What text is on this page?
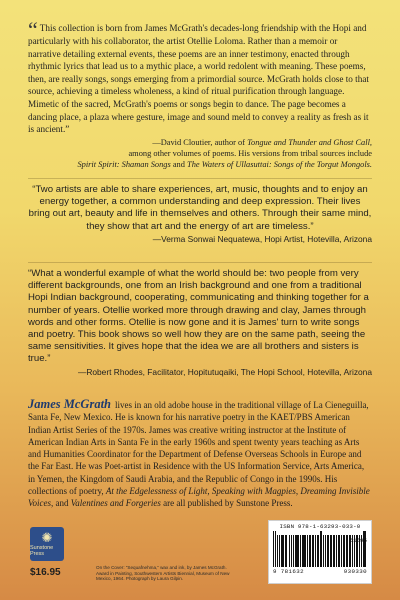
“ This collection is born from James McGrath's decades-long friendship with the Hopi and particularly with his collaborator, the artist Otellie Loloma. Rather than a memoir or narrative detailing external events, these poems are an inner testimony, enacted through rhythmic lyrics that lead us to a mythic place, a world redolent with meaning. These poems, then, are really songs, songs emerging from a primordial source. McGrath holds close to that source, achieving a timeless wholeness, a kind of ritual purification through language. Mimetic of the sacred, McGrath's poems or songs begin to dance. The page becomes a dancing place, a plaza where gesture, image and sound meld to convey a reality as fresh as it is ancient.”

—David Cloutier, author of Tongue and Thunder and Ghost Call,
among other volumes of poems. His versions from tribal sources include
Spirit Spirit: Shaman Songs and The Waters of Ullasuttai: Songs of the Torgut Mongols.
“Two artists are able to share experiences, art, music, thoughts and to enjoy an energy together, a common understanding and deep expression. Their lives bring out art, beauty and life in themselves and others. Through their same mind, they show that art and the energy of art are timeless.”
—Verma Sonwai Nequatewa, Hopi Artist, Hotevilla, Arizona
“What a wonderful example of what the world should be: two people from very different backgrounds, one from an Irish background and one from a traditional Hopi Indian background, cooperating, communicating and thinking together for a number of years. Otellie worked more through drawing and clay, James through words and other forms. Otellie is now gone and it is James' turn to write songs and poetry. This book shows so well how they are on the same path, seeing the same sensitivities. It gives hope that the idea we are all brothers and sisters is true.”
—Robert Rhodes, Facilitator, Hopitutuqaiki, The Hopi School, Hotevilla, Arizona
James McGrath lives in an old adobe house in the traditional village of La Cieneguilla, Santa Fe, New Mexico. He is known for his narrative poetry in the KAET/PBS American Indian Artist Series of the 1970s. James was creative writing instructor at the Institute of American Indian Arts in Santa Fe in the early 1960s and spent twenty years teaching as Arts and Humanities Coordinator for the Department of Defense Overseas Schools in Europe and the Far East. He was Poet-artist in Residence with the US Information Service, Arts America, in Yemen, the Kingdom of Saudi Arabia, and the Republic of Congo in the 1990s. His collections of poetry, At the Edgelessness of Light, Speaking with Magpies, Dreaming Invisible Voices, and Valentines and Forgeries are all published by Sunstone Press.
✺
Sunstone Press
$16.95	On the Cover: “Sequafnehma,” wax and ink, by James McGrath. Award in Painting, Southwestern Artists Biennial, Museum of New Mexico, 1964. Photograph by Laura Gilpin.
ISBN 978-1-63293-033-0
51695
9 781632	930330
